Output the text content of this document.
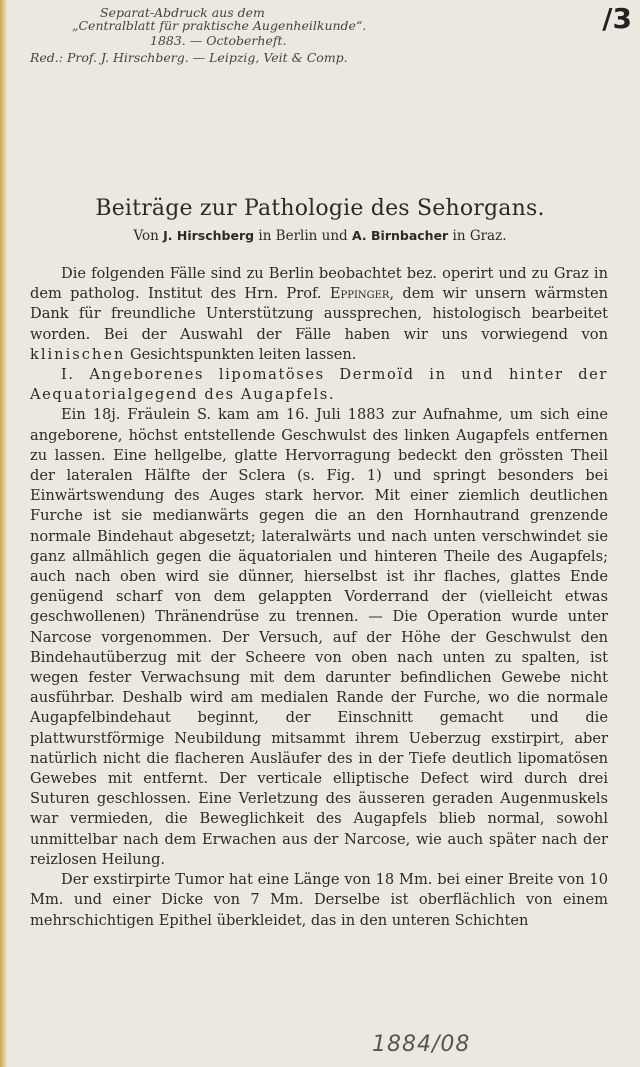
Separat-Abdruck aus dem
„Centralblatt für praktische Augenheilkunde“.
1883. — Octoberheft.
Red.: Prof. J. Hirschberg. — Leipzig, Veit & Comp.
/3
Beiträge zur Pathologie des Sehorgans.
Von J. Hirschberg in Berlin und A. Birnbacher in Graz.

Die folgenden Fälle sind zu Berlin beobachtet bez. operirt und zu Graz in dem patholog. Institut des Hrn. Prof. Eppinger, dem wir unsern wärmsten Dank für freundliche Unterstützung aussprechen, histologisch bearbeitet worden. Bei der Auswahl der Fälle haben wir uns vorwiegend von klinischen Gesichtspunkten leiten lassen.

I. Angeborenes lipomatöses Dermoïd in und hinter der Aequatorialgegend des Augapfels.

Ein 18j. Fräulein S. kam am 16. Juli 1883 zur Aufnahme, um sich eine angeborene, höchst entstellende Geschwulst des linken Augapfels entfernen zu lassen. Eine hellgelbe, glatte Hervorragung bedeckt den grössten Theil der lateralen Hälfte der Sclera (s. Fig. 1) und springt besonders bei Einwärtswendung des Auges stark hervor. Mit einer ziemlich deutlichen Furche ist sie medianwärts gegen die an den Hornhautrand grenzende normale Bindehaut abgesetzt; lateralwärts und nach unten verschwindet sie ganz allmählich gegen die äquatorialen und hinteren Theile des Augapfels; auch nach oben wird sie dünner, hierselbst ist ihr flaches, glattes Ende genügend scharf von dem gelappten Vorderrand der (vielleicht etwas geschwollenen) Thränendrüse zu trennen. — Die Operation wurde unter Narcose vorgenommen. Der Versuch, auf der Höhe der Geschwulst den Bindehautüberzug mit der Scheere von oben nach unten zu spalten, ist wegen fester Verwachsung mit dem darunter befindlichen Gewebe nicht ausführbar. Deshalb wird am medialen Rande der Furche, wo die normale Augapfelbindehaut beginnt, der Einschnitt gemacht und die plattwurstförmige Neubildung mitsammt ihrem Ueberzug exstirpirt, aber natürlich nicht die flacheren Ausläufer des in der Tiefe deutlich lipomatösen Gewebes mit entfernt. Der verticale elliptische Defect wird durch drei Suturen geschlossen. Eine Verletzung des äusseren geraden Augenmuskels war vermieden, die Beweglichkeit des Augapfels blieb normal, sowohl unmittelbar nach dem Erwachen aus der Narcose, wie auch später nach der reizlosen Heilung.

Der exstirpirte Tumor hat eine Länge von 18 Mm. bei einer Breite von 10 Mm. und einer Dicke von 7 Mm. Derselbe ist oberflächlich von einem mehrschichtigen Epithel überkleidet, das in den unteren Schichten

1884/08
